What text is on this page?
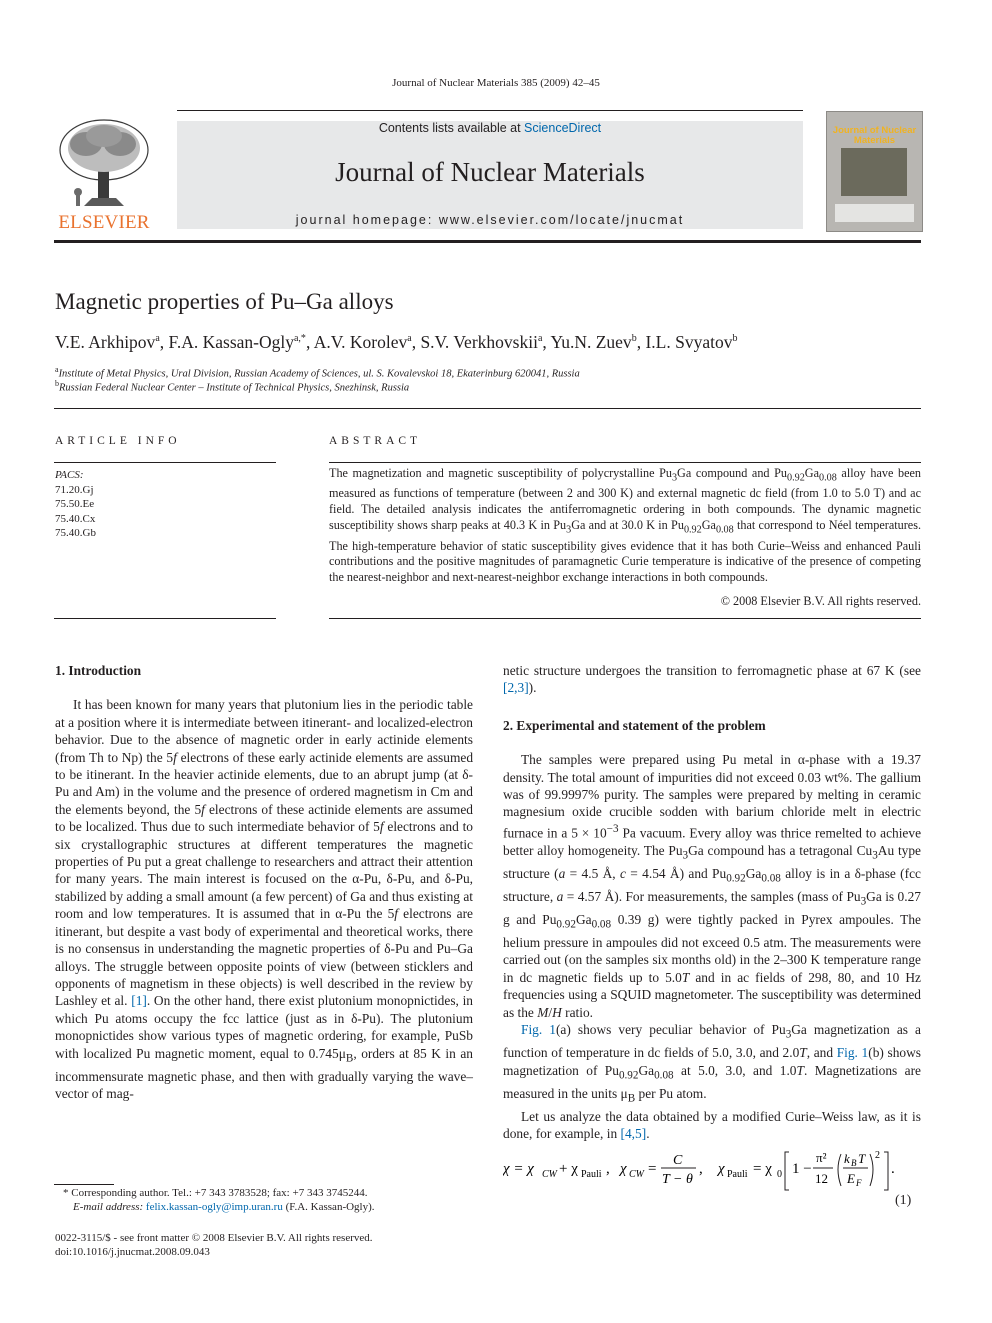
Journal of Nuclear Materials 385 (2009) 42–45
ELSEVIER
Contents lists available at ScienceDirect
Journal of Nuclear Materials
journal homepage: www.elsevier.com/locate/jnucmat
Journal of Nuclear Materials
Magnetic properties of Pu–Ga alloys
V.E. Arkhipov$^a$, F.A. Kassan-Ogly$^{a,*}$, A.V. Korolev$^a$, S.V. Verkhovskii$^a$, Yu.N. Zuev$^b$, I.L. Svyatov$^b$
$^a$Institute of Metal Physics, Ural Division, Russian Academy of Sciences, ul. S. Kovalevskoi 18, Ekaterinburg 620041, Russia
$^b$Russian Federal Nuclear Center – Institute of Technical Physics, Snezhinsk, Russia
ARTICLE INFO
PACS:
71.20.Gj
75.50.Ee
75.40.Cx
75.40.Gb
ABSTRACT
The magnetization and magnetic susceptibility of polycrystalline $Pu_3Ga$ compound and $Pu_{0.92}Ga_{0.08}$ alloy have been measured as functions of temperature (between 2 and 300 K) and external magnetic dc field (from 1.0 to 5.0 T) and ac field. The detailed analysis indicates the antiferromagnetic ordering in both compounds. The dynamic magnetic susceptibility shows sharp peaks at 40.3 K in $Pu_3Ga$ and at 30.0 K in $Pu_{0.92}Ga_{0.08}$ that correspond to Néel temperatures. The high-temperature behavior of static susceptibility gives evidence that it has both Curie–Weiss and enhanced Pauli contributions and the positive magnitudes of paramagnetic Curie temperature is indicative of the presence of competing the nearest-neighbor and next-nearest-neighbor exchange interactions in both compounds.
© 2008 Elsevier B.V. All rights reserved.
1. Introduction

It has been known for many years that plutonium lies in the periodic table at a position where it is intermediate between itinerant- and localized-electron behavior. Due to the absence of magnetic order in early actinide elements (from Th to Np) the 5f electrons of these early actinide elements are assumed to be itinerant. In the heavier actinide elements, due to an abrupt jump (at δ-Pu and Am) in the volume and the presence of ordered magnetism in Cm and the elements beyond, the 5f electrons of these actinide elements are assumed to be localized. Thus due to such intermediate behavior of 5f electrons and to six crystallographic structures at different temperatures the magnetic properties of Pu put a great challenge to researchers and attract their attention for many years. The main interest is focused on the α-Pu, δ-Pu, and δ-Pu, stabilized by adding a small amount (a few percent) of Ga and thus existing at room and low temperatures. It is assumed that in α-Pu the 5f electrons are itinerant, but despite a vast body of experimental and theoretical works, there is no consensus in understanding the magnetic properties of δ-Pu and Pu–Ga alloys. The struggle between opposite points of view (between sticklers and opponents of magnetism in these objects) is well described in the review by Lashley et al. [1]. On the other hand, there exist plutonium monopnictides, in which Pu atoms occupy the fcc lattice (just as in δ-Pu). The plutonium monopnictides show various types of magnetic ordering, for example, PuSb with localized Pu magnetic moment, equal to $0.745\mu_B$, orders at 85 K in an incommensurate magnetic phase, and then with gradually varying the wave–vector of mag-

netic structure undergoes the transition to ferromagnetic phase at 67 K (see [2,3]).

2. Experimental and statement of the problem

The samples were prepared using Pu metal in α-phase with a 19.37 density. The total amount of impurities did not exceed 0.03 wt%. The gallium was of 99.9997% purity. The samples were prepared by melting in ceramic magnesium oxide crucible sodden with barium chloride melt in electric furnace in a $5 \times 10^{-3}$ Pa vacuum. Every alloy was thrice remelted to achieve better alloy homogeneity. The $Pu_3Ga$ compound has a tetragonal $Cu_3Au$ type structure (a = 4.5 Å, c = 4.54 Å) and $Pu_{0.92}Ga_{0.08}$ alloy is in a δ-phase (fcc structure, a = 4.57 Å). For measurements, the samples (mass of $Pu_3Ga$ is 0.27 g and $Pu_{0.92}Ga_{0.08}$ 0.39 g) were tightly packed in Pyrex ampoules. The helium pressure in ampoules did not exceed 0.5 atm. The measurements were carried out (on the samples six months old) in the 2–300 K temperature range in dc magnetic fields up to 5.0T and in ac fields of 298, 80, and 10 Hz frequencies using a SQUID magnetometer. The susceptibility was determined as the M/H ratio.

Fig. 1(a) shows very peculiar behavior of $Pu_3Ga$ magnetization as a function of temperature in dc fields of 5.0, 3.0, and 2.0T, and Fig. 1(b) shows magnetization of $Pu_{0.92}Ga_{0.08}$ at 5.0, 3.0, and 1.0T. Magnetizations are measured in the units $\mu_B$ per Pu atom.

Let us analyze the data obtained by a modified Curie–Weiss law, as it is done, for example, in [4,5].

χ = χ CW + χ Pauli , χ CW =
C
T − θ
, χ Pauli = χ 0 1 −
π²
12
k B T
E F
2
.
(1)
* Corresponding author. Tel.: +7 343 3783528; fax: +7 343 3745244.
E-mail address: felix.kassan-ogly@imp.uran.ru (F.A. Kassan-Ogly).
0022-3115/$ - see front matter © 2008 Elsevier B.V. All rights reserved.
doi:10.1016/j.jnucmat.2008.09.043
